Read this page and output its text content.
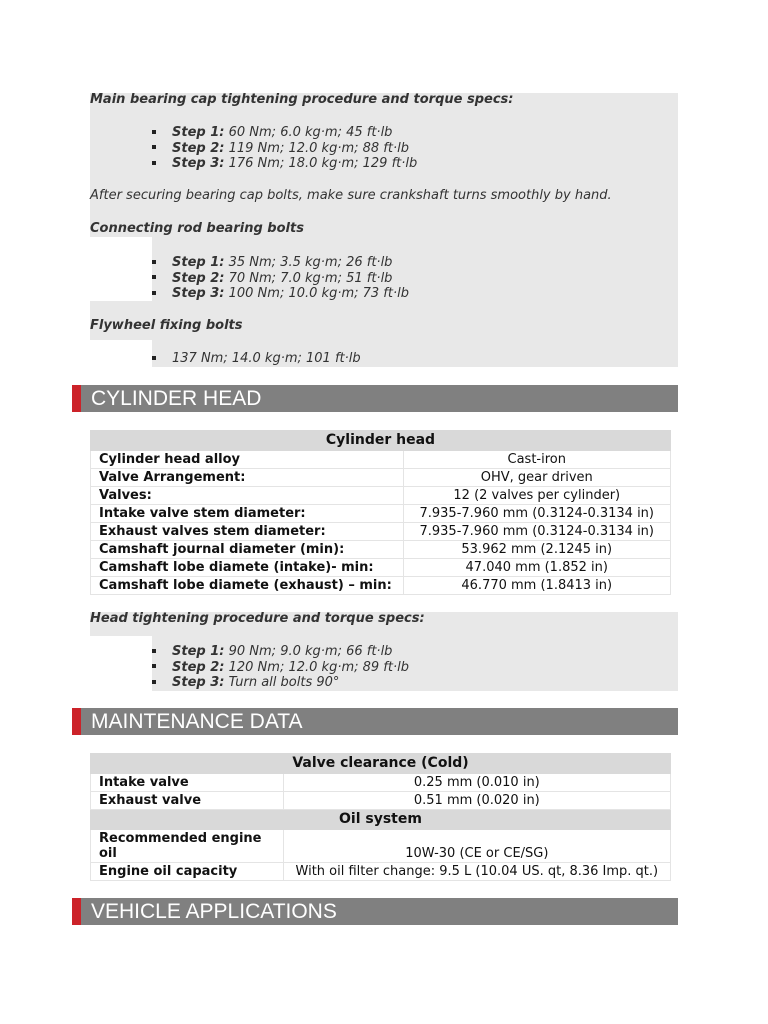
Main bearing cap tightening procedure and torque specs:

Step 1: 60 Nm; 6.0 kg·m; 45 ft·lb
Step 2: 119 Nm; 12.0 kg·m; 88 ft·lb
Step 3: 176 Nm; 18.0 kg·m; 129 ft·lb

After securing bearing cap bolts, make sure crankshaft turns smoothly by hand.

Connecting rod bearing bolts

Step 1: 35 Nm; 3.5 kg·m; 26 ft·lb
Step 2: 70 Nm; 7.0 kg·m; 51 ft·lb
Step 3: 100 Nm; 10.0 kg·m; 73 ft·lb

Flywheel fixing bolts

137 Nm; 14.0 kg·m; 101 ft·lb
CYLINDER HEAD
Cylinder head	
Cylinder head alloy	Cast-iron
Valve Arrangement:	OHV, gear driven
Valves:	12 (2 valves per cylinder)
Intake valve stem diameter:	7.935-7.960 mm (0.3124-0.3134 in)
Exhaust valves stem diameter:	7.935-7.960 mm (0.3124-0.3134 in)
Camshaft journal diameter (min):	53.962 mm (2.1245 in)
Camshaft lobe diamete (intake)- min:	47.040 mm (1.852 in)
Camshaft lobe diamete (exhaust) – min:	46.770 mm (1.8413 in)

Head tightening procedure and torque specs:

Step 1: 90 Nm; 9.0 kg·m; 66 ft·lb
Step 2: 120 Nm; 12.0 kg·m; 89 ft·lb
Step 3: Turn all bolts 90°
MAINTENANCE DATA
Valve clearance (Cold)	
Intake valve	0.25 mm (0.010 in)
Exhaust valve	0.51 mm (0.020 in)
Oil system	
Recommended engine oil	10W-30 (CE or CE/SG)
Engine oil capacity	With oil filter change: 9.5 L (10.04 US. qt, 8.36 Imp. qt.)
VEHICLE APPLICATIONS
